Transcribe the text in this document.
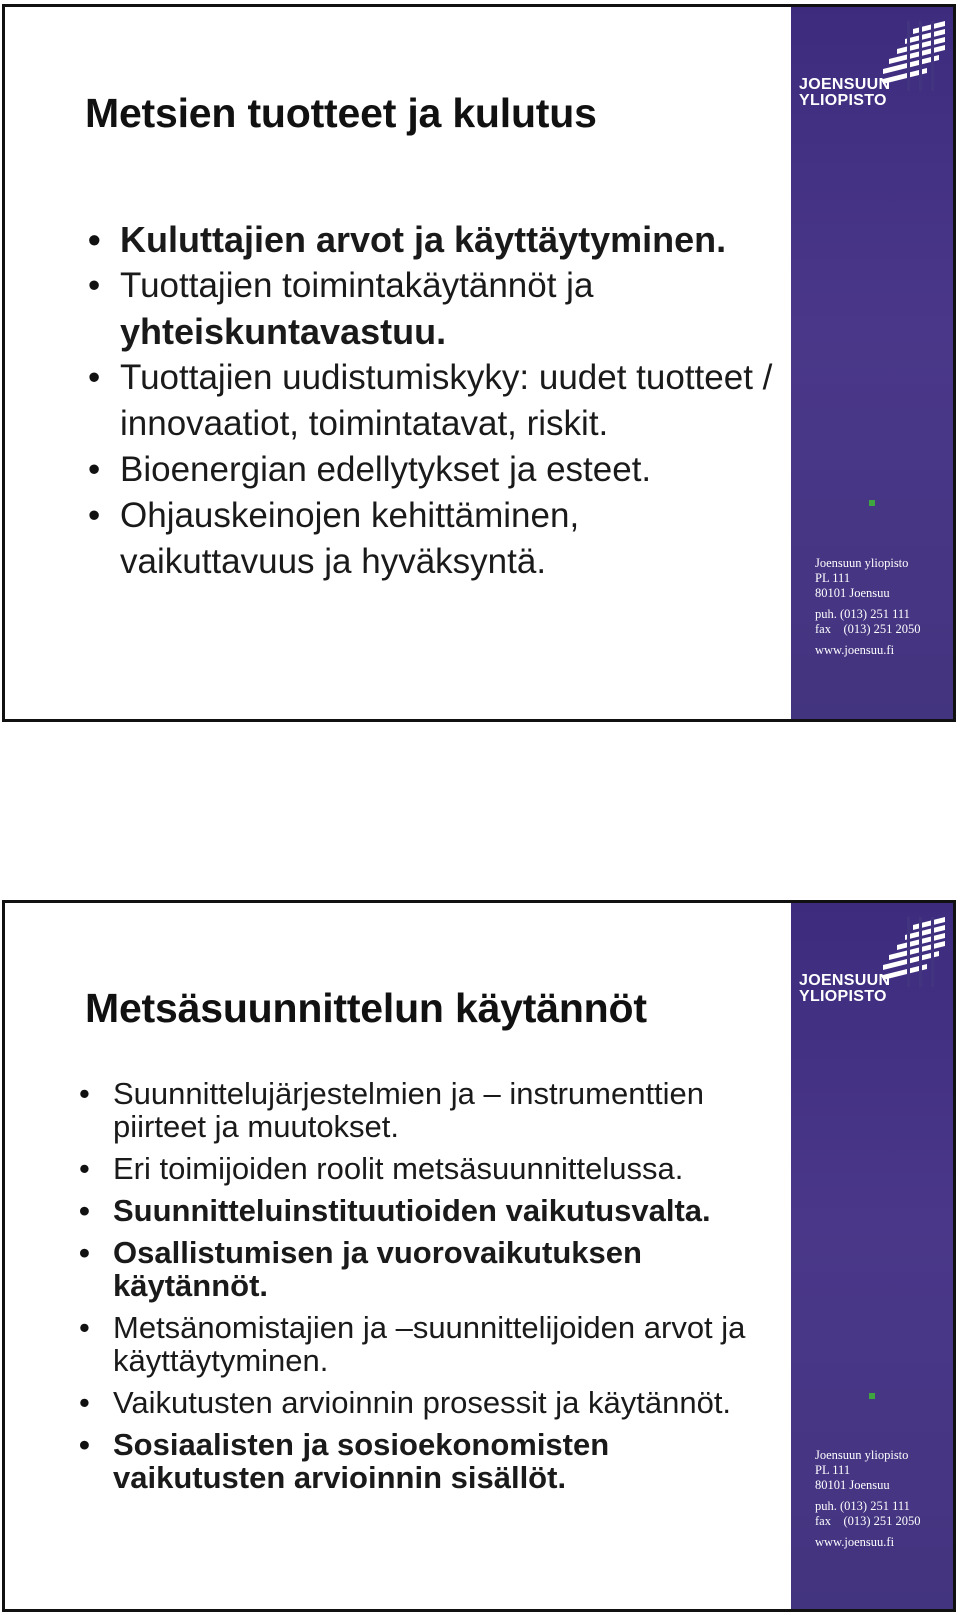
Metsien tuotteet ja kulutus
• Kuluttajien arvot ja käyttäytyminen.
• Tuottajien toimintakäytännöt ja
yhteiskuntavastuu.
• Tuottajien uudistumiskyky: uudet tuotteet / innovaatiot, toimintatavat, riskit.
• Bioenergian edellytykset ja esteet.
• Ohjauskeinojen kehittäminen, vaikuttavuus ja hyväksyntä.
JOENSUUN
YLIOPISTO
Joensuun yliopisto
PL 111
80101 Joensuu
puh. (013) 251 111
fax    (013) 251 2050
www.joensuu.fi
Metsäsuunnittelun käytännöt
• Suunnittelujärjestelmien ja – instrumenttien piirteet ja muutokset.
• Eri toimijoiden roolit metsäsuunnittelussa.
• Suunnitteluinstituutioiden vaikutusvalta.
• Osallistumisen ja vuorovaikutuksen käytännöt.
• Metsänomistajien ja –suunnittelijoiden arvot ja käyttäytyminen.
• Vaikutusten arvioinnin prosessit ja käytännöt.
• Sosiaalisten ja sosioekonomisten vaikutusten arvioinnin sisällöt.
JOENSUUN
YLIOPISTO
Joensuun yliopisto
PL 111
80101 Joensuu
puh. (013) 251 111
fax    (013) 251 2050
www.joensuu.fi
